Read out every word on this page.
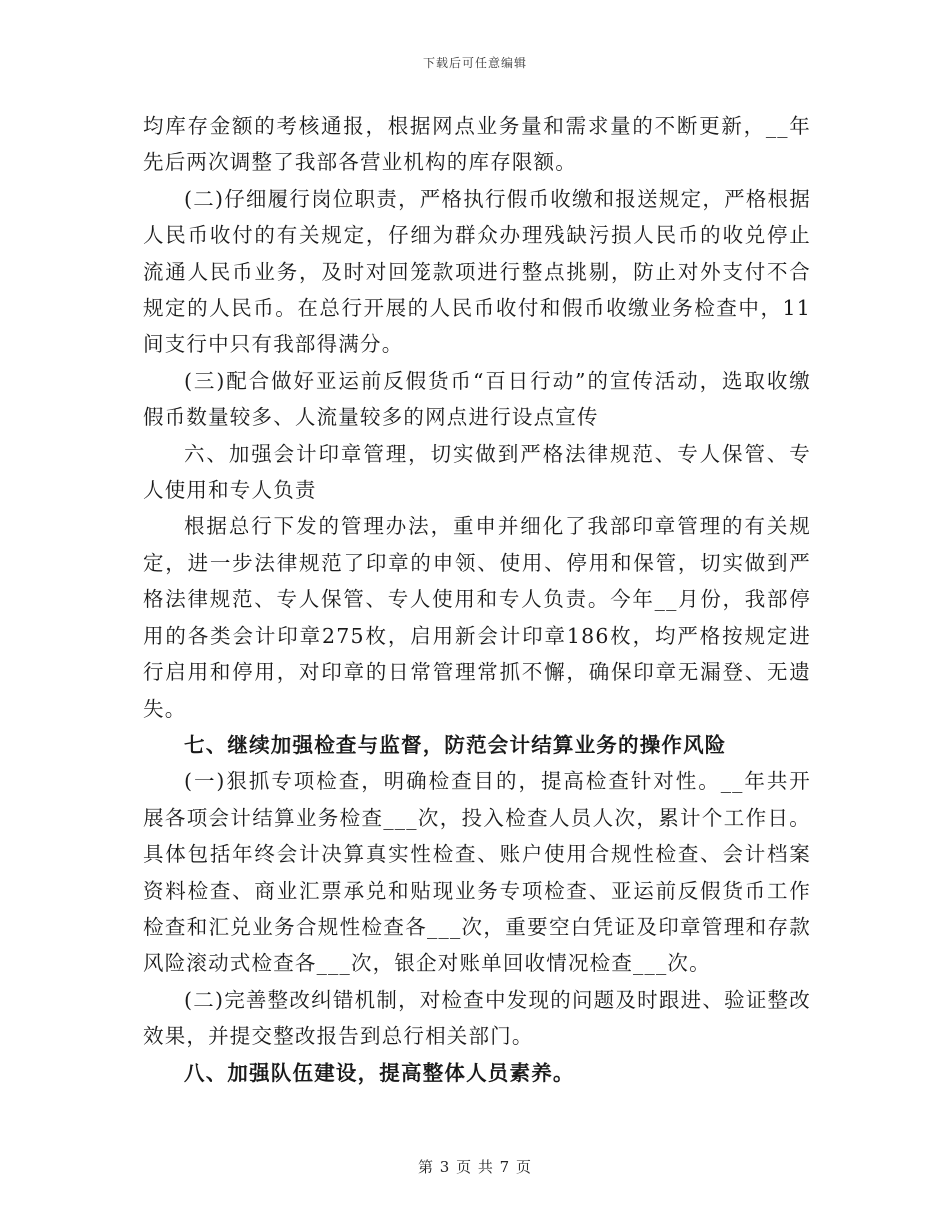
下载后可任意编辑

均库存金额的考核通报，根据网点业务量和需求量的不断更新，__年先后两次调整了我部各营业机构的库存限额。

(二)仔细履行岗位职责，严格执行假币收缴和报送规定，严格根据人民币收付的有关规定，仔细为群众办理残缺污损人民币的收兑停止流通人民币业务，及时对回笼款项进行整点挑剔，防止对外支付不合规定的人民币。在总行开展的人民币收付和假币收缴业务检查中，11间支行中只有我部得满分。

(三)配合做好亚运前反假货币“百日行动”的宣传活动，选取收缴假币数量较多、人流量较多的网点进行设点宣传

六、加强会计印章管理，切实做到严格法律规范、专人保管、专人使用和专人负责

根据总行下发的管理办法，重申并细化了我部印章管理的有关规定，进一步法律规范了印章的申领、使用、停用和保管，切实做到严格法律规范、专人保管、专人使用和专人负责。今年__月份，我部停用的各类会计印章275枚，启用新会计印章186枚，均严格按规定进行启用和停用，对印章的日常管理常抓不懈，确保印章无漏登、无遗失。

七、继续加强检查与监督，防范会计结算业务的操作风险

(一)狠抓专项检查，明确检查目的，提高检查针对性。__年共开展各项会计结算业务检查___次，投入检查人员人次，累计个工作日。具体包括年终会计决算真实性检查、账户使用合规性检查、会计档案资料检查、商业汇票承兑和贴现业务专项检查、亚运前反假货币工作检查和汇兑业务合规性检查各___次，重要空白凭证及印章管理和存款风险滚动式检查各___次，银企对账单回收情况检查___次。

(二)完善整改纠错机制，对检查中发现的问题及时跟进、验证整改效果，并提交整改报告到总行相关部门。

八、加强队伍建设，提高整体人员素养。

第 3 页 共 7 页
